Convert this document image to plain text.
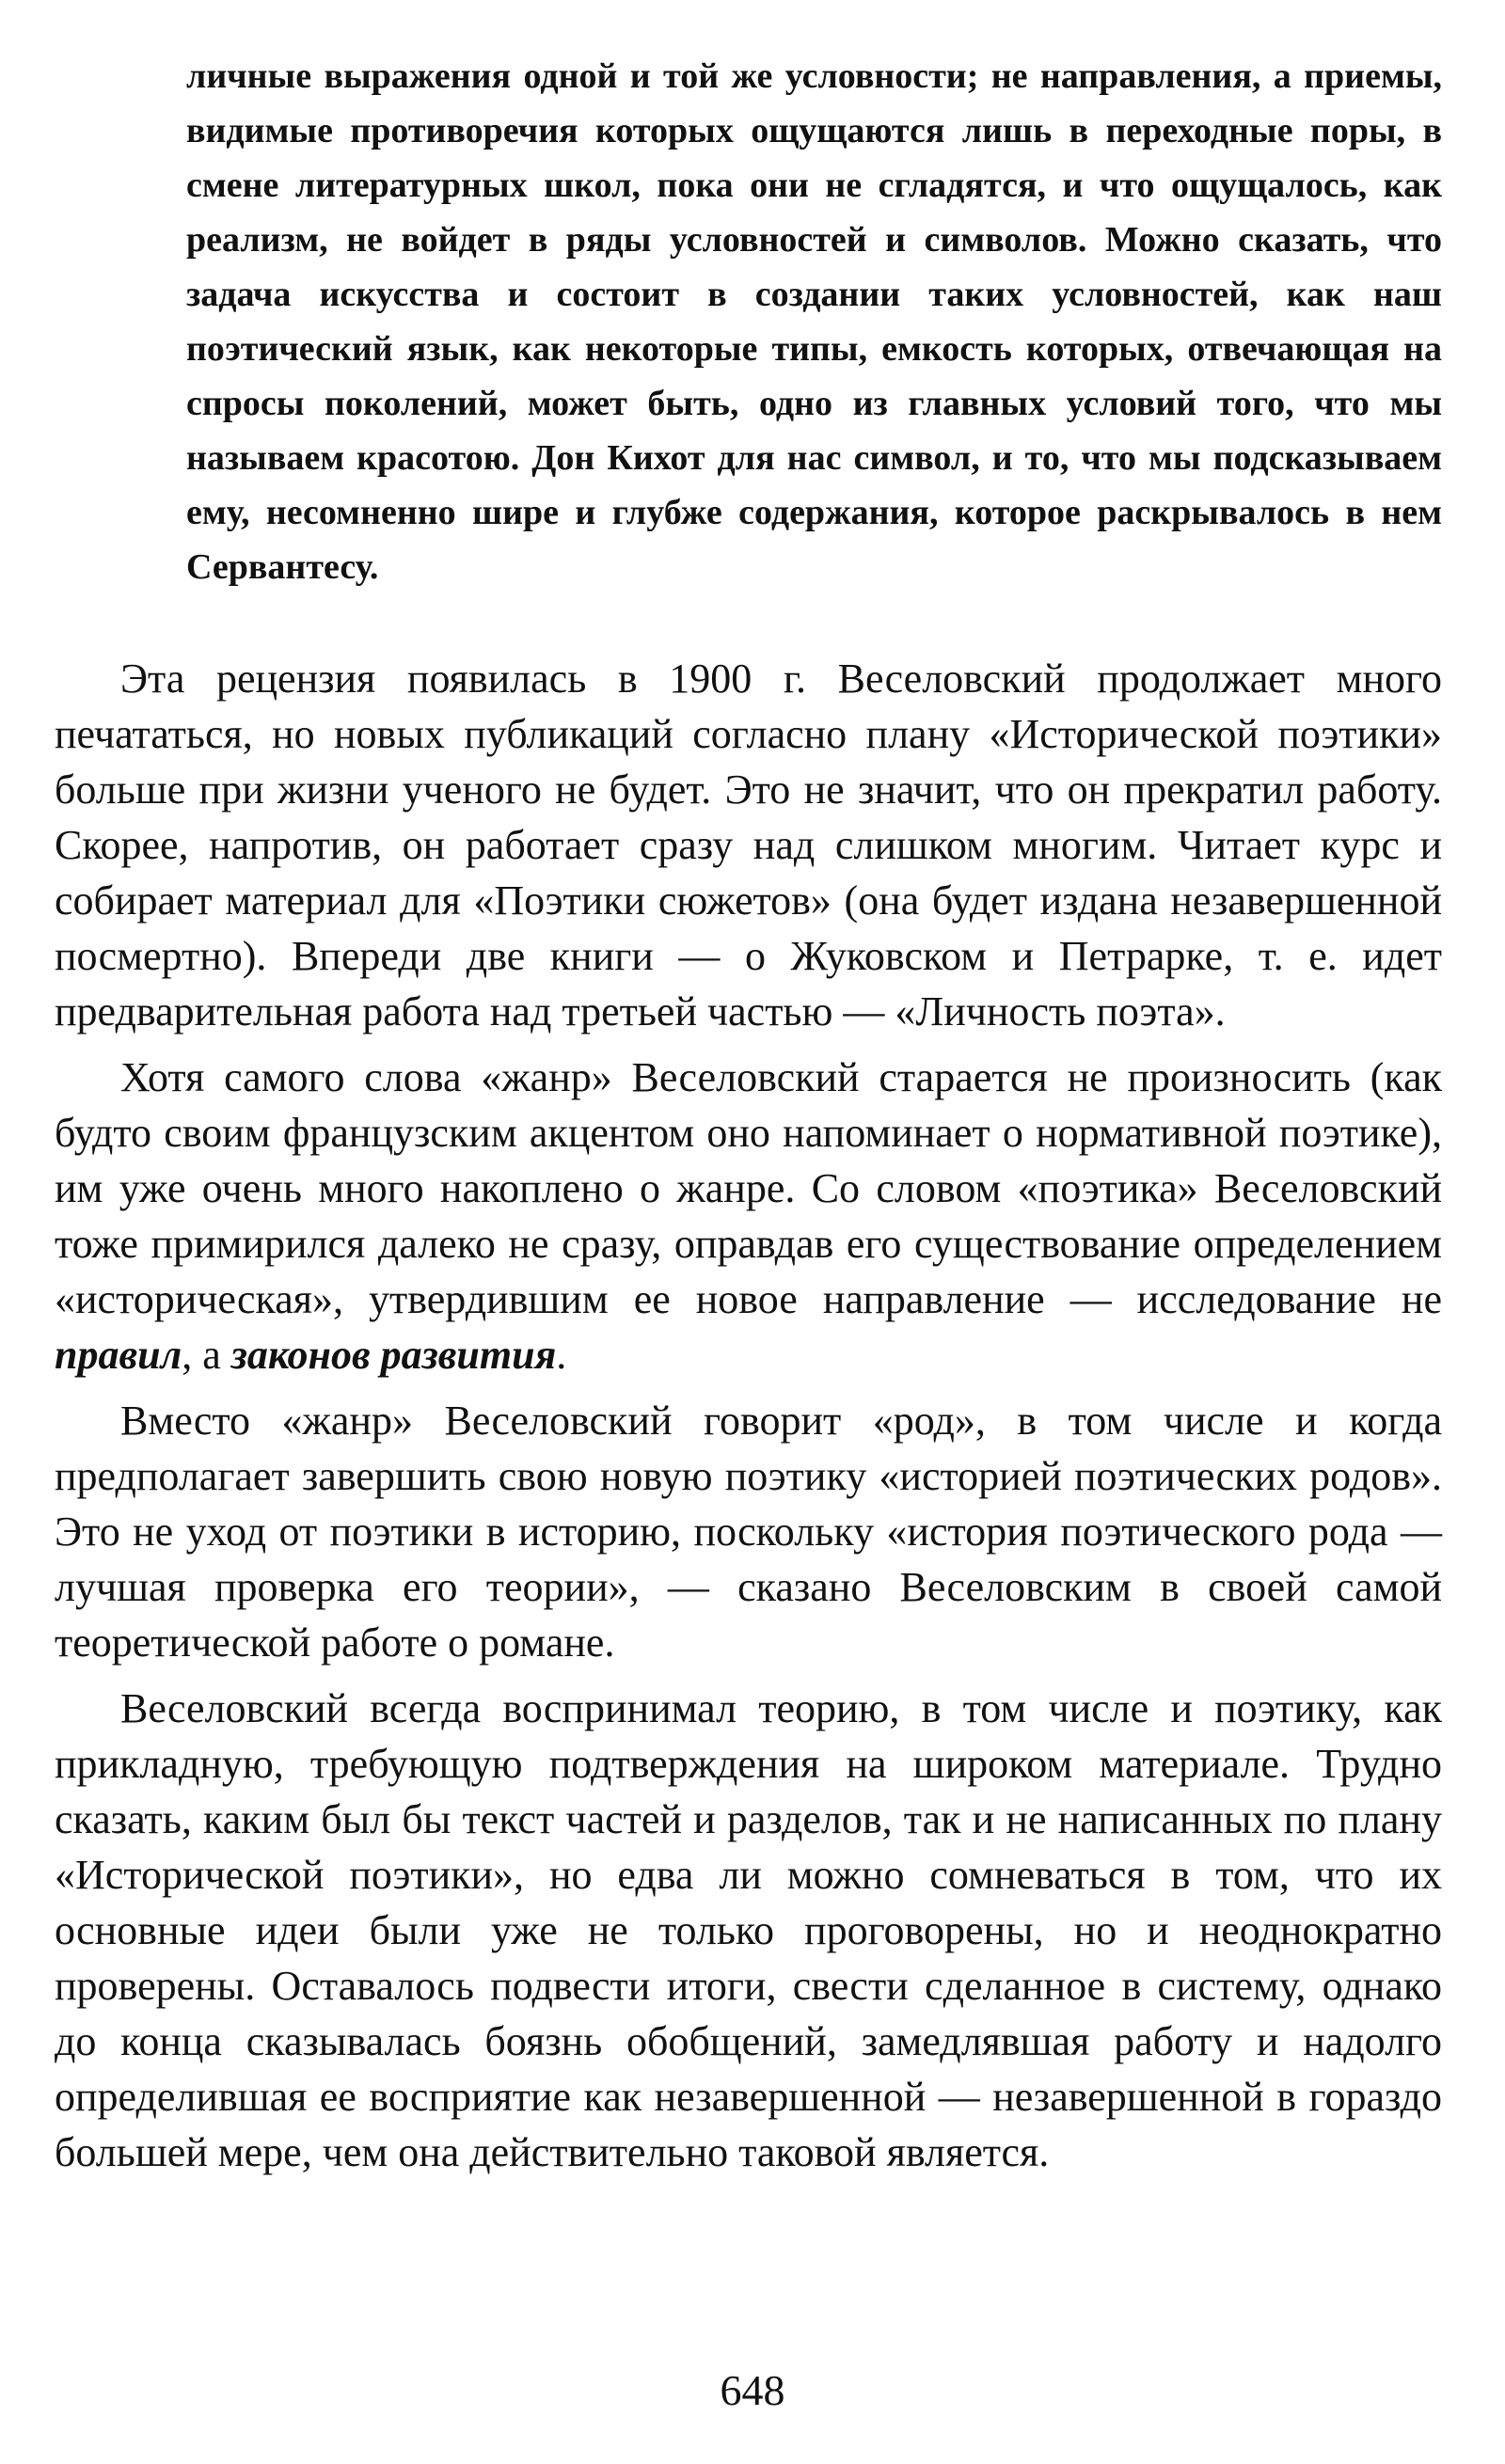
личные выражения одной и той же условности; не направления, а приемы, видимые противоречия которых ощущаются лишь в переходные поры, в смене литературных школ, пока они не сгладятся, и что ощущалось, как реализм, не войдет в ряды условностей и символов. Можно сказать, что задача искусства и состоит в создании таких условностей, как наш поэтический язык, как некоторые типы, емкость которых, отвечающая на спросы поколений, может быть, одно из главных условий того, что мы называем красотою. Дон Кихот для нас символ, и то, что мы подсказываем ему, несомненно шире и глубже содержания, которое раскрывалось в нем Сервантесу.

Эта рецензия появилась в 1900 г. Веселовский продолжает много печататься, но новых публикаций согласно плану «Исторической поэтики» больше при жизни ученого не будет. Это не значит, что он прекратил работу. Скорее, напротив, он работает сразу над слишком многим. Читает курс и собирает материал для «Поэтики сюжетов» (она будет издана незавершенной посмертно). Впереди две книги — о Жуковском и Петрарке, т. е. идет предварительная работа над третьей частью — «Личность поэта».

Хотя самого слова «жанр» Веселовский старается не произносить (как будто своим французским акцентом оно напоминает о нормативной поэтике), им уже очень много накоплено о жанре. Со словом «поэтика» Веселовский тоже примирился далеко не сразу, оправдав его существование определением «историческая», утвердившим ее новое направление — исследование не правил, а законов развития.

Вместо «жанр» Веселовский говорит «род», в том числе и когда предполагает завершить свою новую поэтику «историей поэтических родов». Это не уход от поэтики в историю, поскольку «история поэтического рода — лучшая проверка его теории», — сказано Веселовским в своей самой теоретической работе о романе.

Веселовский всегда воспринимал теорию, в том числе и поэтику, как прикладную, требующую подтверждения на широком материале. Трудно сказать, каким был бы текст частей и разделов, так и не написанных по плану «Исторической поэтики», но едва ли можно сомневаться в том, что их основные идеи были уже не только проговорены, но и неоднократно проверены. Оставалось подвести итоги, свести сделанное в систему, однако до конца сказывалась боязнь обобщений, замедлявшая работу и надолго определившая ее восприятие как незавершенной — незавершенной в гораздо большей мере, чем она действительно таковой является.

648
